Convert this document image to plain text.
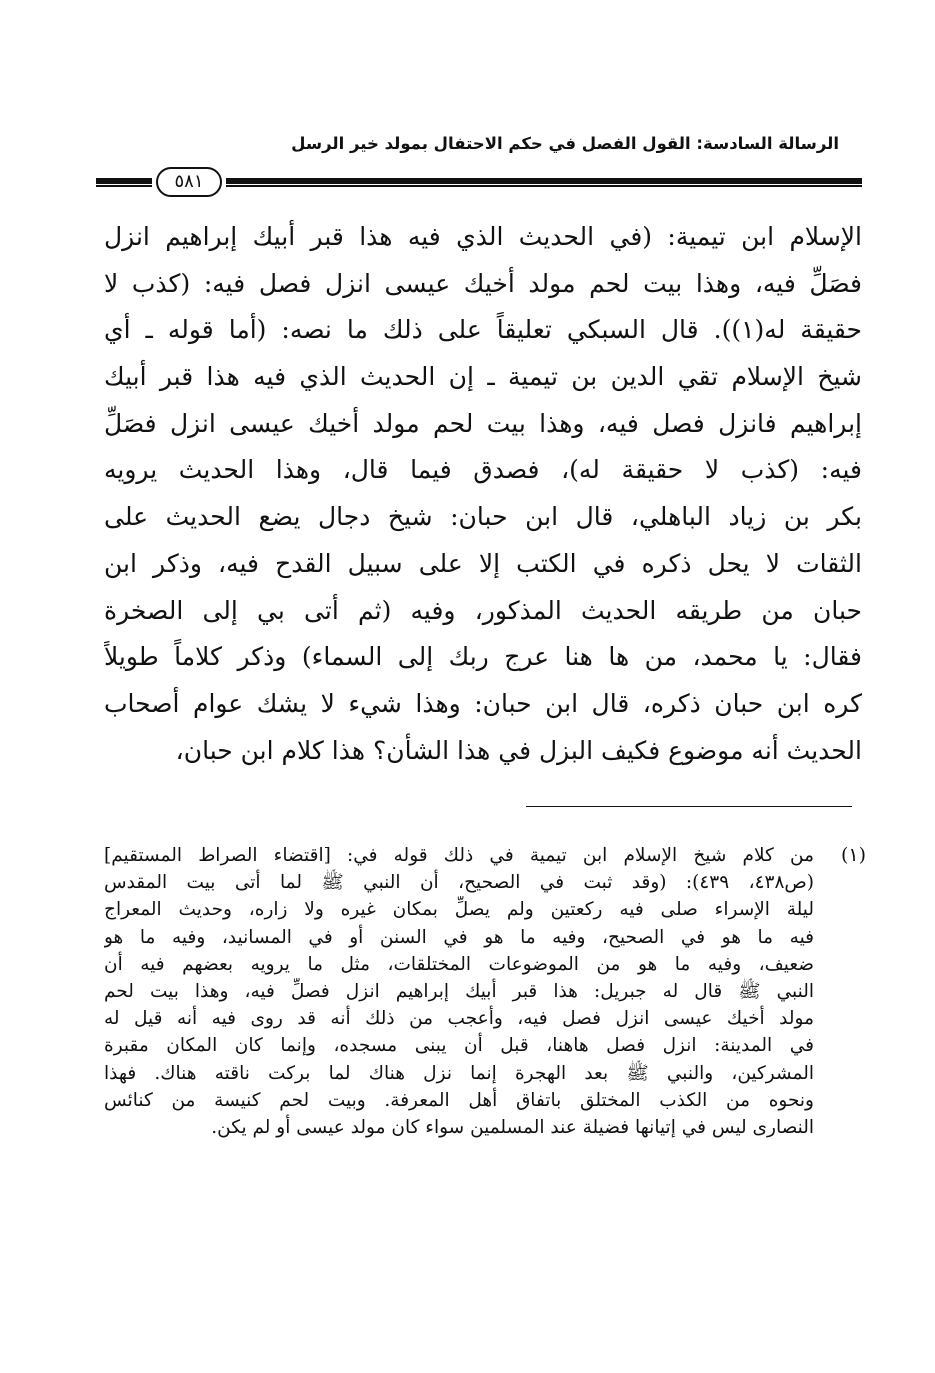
الرسالة السادسة: القول الفصل في حكم الاحتفال بمولد خير الرسل
٥٨١
الإسلام ابن تيمية: (في الحديث الذي فيه هذا قبر أبيك إبراهيم انزل
فصَلِّ فيه، وهذا بيت لحم مولد أخيك عيسى انزل فصل فيه: (كذب لا
حقيقة له(١)). قال السبكي تعليقاً على ذلك ما نصه: (أما قوله ـ أي
شيخ الإسلام تقي الدين بن تيمية ـ إن الحديث الذي فيه هذا قبر أبيك
إبراهيم فانزل فصل فيه، وهذا بيت لحم مولد أخيك عيسى انزل فصَلِّ
فيه: (كذب لا حقيقة له)، فصدق فيما قال، وهذا الحديث يرويه
بكر بن زياد الباهلي، قال ابن حبان: شيخ دجال يضع الحديث على
الثقات لا يحل ذكره في الكتب إلا على سبيل القدح فيه، وذكر ابن
حبان من طريقه الحديث المذكور، وفيه (ثم أتى بي إلى الصخرة
فقال: يا محمد، من ها هنا عرج ربك إلى السماء) وذكر كلاماً طويلاً
كره ابن حبان ذكره، قال ابن حبان: وهذا شيء لا يشك عوام أصحاب
الحديث أنه موضوع فكيف البزل في هذا الشأن؟ هذا كلام ابن حبان،
(١)
من كلام شيخ الإسلام ابن تيمية في ذلك قوله في: [اقتضاء الصراط المستقيم]
(ص٤٣٨، ٤٣٩): (وقد ثبت في الصحيح، أن النبي ﷺ لما أتى بيت المقدس
ليلة الإسراء صلى فيه ركعتين ولم يصلِّ بمكان غيره ولا زاره، وحديث المعراج
فيه ما هو في الصحيح، وفيه ما هو في السنن أو في المسانيد، وفيه ما هو
ضعيف، وفيه ما هو من الموضوعات المختلقات، مثل ما يرويه بعضهم فيه أن
النبي ﷺ قال له جبريل: هذا قبر أبيك إبراهيم انزل فصلِّ فيه، وهذا بيت لحم
مولد أخيك عيسى انزل فصل فيه، وأعجب من ذلك أنه قد روى فيه أنه قيل له
في المدينة: انزل فصل هاهنا، قبل أن يبنى مسجده، وإنما كان المكان مقبرة
المشركين، والنبي ﷺ بعد الهجرة إنما نزل هناك لما بركت ناقته هناك. فهذا
ونحوه من الكذب المختلق باتفاق أهل المعرفة. وبيت لحم كنيسة من كنائس
النصارى ليس في إتيانها فضيلة عند المسلمين سواء كان مولد عيسى أو لم يكن.
